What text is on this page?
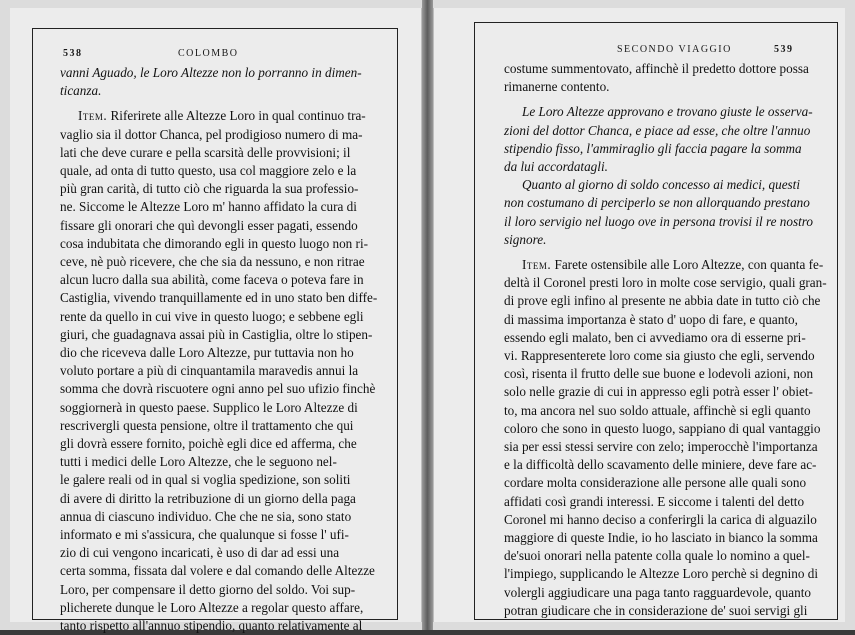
538	COLOMBO
vanni Aguado, le Loro Altezze non lo porranno in dimen-
ticanza.
Item. Riferirete alle Altezze Loro in qual continuo tra-
vaglio sia il dottor Chanca, pel prodigioso numero di ma-
lati che deve curare e pella scarsità delle provvisioni; il
quale, ad onta di tutto questo, usa col maggiore zelo e la
più gran carità, di tutto ciò che riguarda la sua professio-
ne. Siccome le Altezze Loro m' hanno affidato la cura di
fissare gli onorari che quì devongli esser pagati, essendo
cosa indubitata che dimorando egli in questo luogo non ri-
ceve, nè può ricevere, che che sia da nessuno, e non ritrae
alcun lucro dalla sua abilità, come faceva o poteva fare in
Castiglia, vivendo tranquillamente ed in uno stato ben diffe-
rente da quello in cui vive in questo luogo; e sebbene egli
giuri, che guadagnava assai più in Castiglia, oltre lo stipen-
dio che riceveva dalle Loro Altezze, pur tuttavia non ho
voluto portare a più di cinquantamila maravedis annui la
somma che dovrà riscuotere ogni anno pel suo ufizio finchè
soggiornerà in questo paese. Supplico le Loro Altezze di
rescrivergli questa pensione, oltre il trattamento che qui
gli dovrà essere fornito, poichè egli dice ed afferma, che
tutti i medici delle Loro Altezze, che le seguono nel-
le galere reali od in qual si voglia spedizione, son soliti
di avere di diritto la retribuzione di un giorno della paga
annua di ciascuno individuo. Che che ne sia, sono stato
informato e mi s'assicura, che qualunque si fosse l' ufi-
zio di cui vengono incaricati, è uso di dar ad essi una
certa somma, fissata dal volere e dal comando delle Altezze
Loro, per compensare il detto giorno del soldo. Voi sup-
plicherete dunque le Loro Altezze a regolar questo affare,
tanto rispetto all'annuo stipendio, quanto relativamente al
SECONDO VIAGGIO	539
costume summentovato, affinchè il predetto dottore possa
rimanerne contento.
Le Loro Altezze approvano e trovano giuste le osserva-
zioni del dottor Chanca, e piace ad esse, che oltre l'annuo
stipendio fisso, l'ammiraglio gli faccia pagare la somma
da lui accordatagli.
Quanto al giorno di soldo concesso ai medici, questi
non costumano di perciperlo se non allorquando prestano
il loro servigio nel luogo ove in persona trovisi il re nostro
signore.
Item. Farete ostensibile alle Loro Altezze, con quanta fe-
deltà il Coronel presti loro in molte cose servigio, quali gran-
di prove egli infino al presente ne abbia date in tutto ciò che
di massima importanza è stato d' uopo di fare, e quanto,
essendo egli malato, ben ci avvediamo ora di esserne pri-
vi. Rappresenterete loro come sia giusto che egli, servendo
così, risenta il frutto delle sue buone e lodevoli azioni, non
solo nelle grazie di cui in appresso egli potrà esser l' obiet-
to, ma ancora nel suo soldo attuale, affinchè si egli quanto
coloro che sono in questo luogo, sappiano di qual vantaggio
sia per essi stessi servire con zelo; imperocchè l'importanza
e la difficoltà dello scavamento delle miniere, deve fare ac-
cordare molta considerazione alle persone alle quali sono
affidati così grandi interessi. E siccome i talenti del detto
Coronel mi hanno deciso a conferirgli la carica di alguazilo
maggiore di queste Indie, io ho lasciato in bianco la somma
de'suoi onorari nella patente colla quale lo nomino a quel-
l'impiego, supplicando le Altezze Loro perchè si degnino di
volergli aggiudicare una paga tanto ragguardevole, quanto
potran giudicare che in considerazione de' suoi servigi gli
